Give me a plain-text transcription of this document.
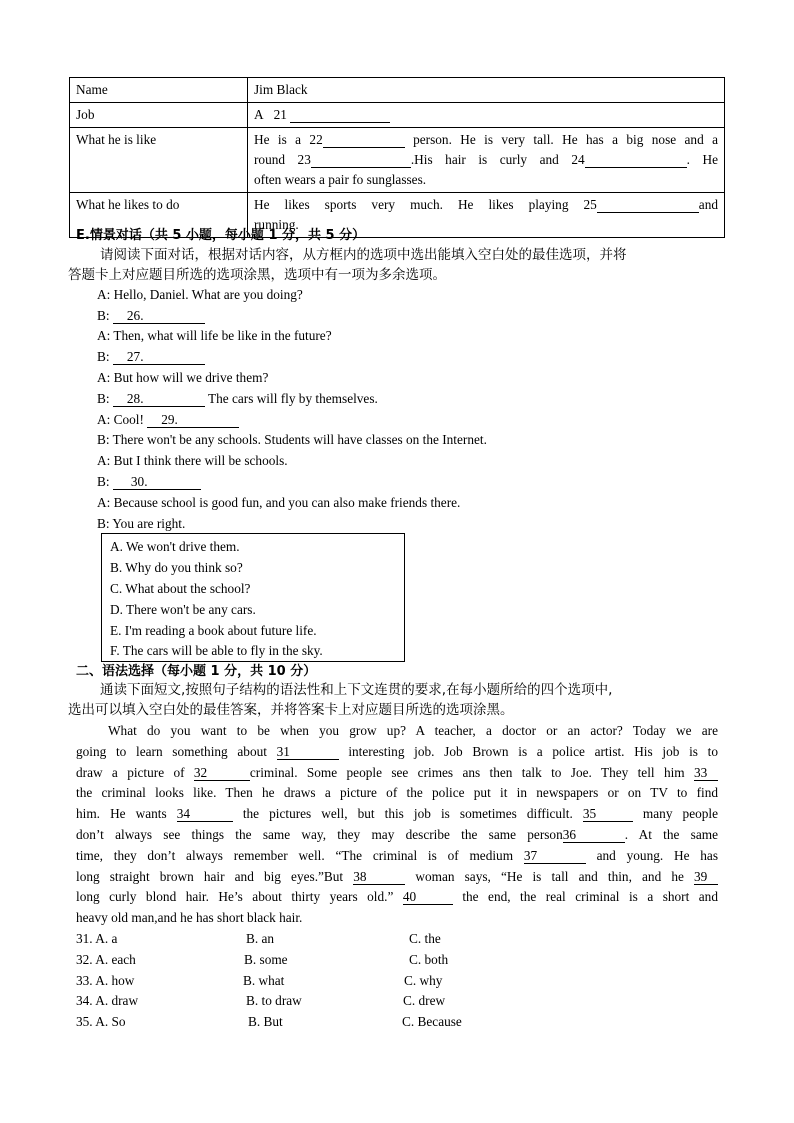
Name	Jim Black
Job	A   21
What he is like	He is a 22 person. He is very tall. He has a big nose and a
round 23 .His hair is curly and 24 . He
often wears a pair fo sunglasses.

What he likes to do	He likes sports very much. He likes playing 25 and
running.
E.情景对话（共 5 小题，每小题 1 分，共 5 分）
请阅读下面对话，根据对话内容，从方框内的选项中选出能填入空白处的最佳选项，并将
答题卡上对应题目所选的选项涂黑，选项中有一项为多余选项。
A: Hello, Daniel. What are you doing?
B: 26.
A: Then, what will life be like in the future?
B: 27.
A: But how will we drive them?
B: 28.	The cars will fly by themselves.
A: Cool! 29.
B: There won't be any schools. Students will have classes on the Internet.
A: But I think there will be schools.
B: 30.
A: Because school is good fun, and you can also make friends there.
B: You are right.
A. We won't drive them.
B. Why do you think so?
C. What about the school?
D. There won't be any cars.
E. I'm reading a book about future life.
F. The cars will be able to fly in the sky.
二、语法选择（每小题 1 分，共 10 分）
通读下面短文,按照句子结构的语法性和上下文连贯的要求,在每小题所给的四个选项中,
选出可以填入空白处的最佳答案，并将答案卡上对应题目所选的选项涂黑。
What do you want to be when you grow up? A teacher, a doctor or an actor? Today we are
going to learn something about 31	interesting job. Job Brown is a police artist. His job is to
draw a picture of 32	criminal. Some people see crimes ans then talk to Joe. They tell him 33
the criminal looks like. Then he draws a picture of the police put it in newspapers or on TV to find
him. He wants 34	the pictures well, but this job is sometimes difficult. 35	many people
don’t always see things the same way, they may describe the same person36	. At the same
time, they don’t always remember well. “The criminal is of medium 37	and young. He has
long straight brown hair and big eyes.”But 38	woman says, “He is tall and thin, and he 39
long curly blond hair. He’s about thirty years old.” 40	the end, the real criminal is a short and
heavy old man,and he has short black hair.
31. A. a	B. an	C. the
32. A. each	B. some	C. both
33. A. how	B. what	C. why
34. A. draw	B. to draw	C. drew
35. A. So	B. But	C. Because
